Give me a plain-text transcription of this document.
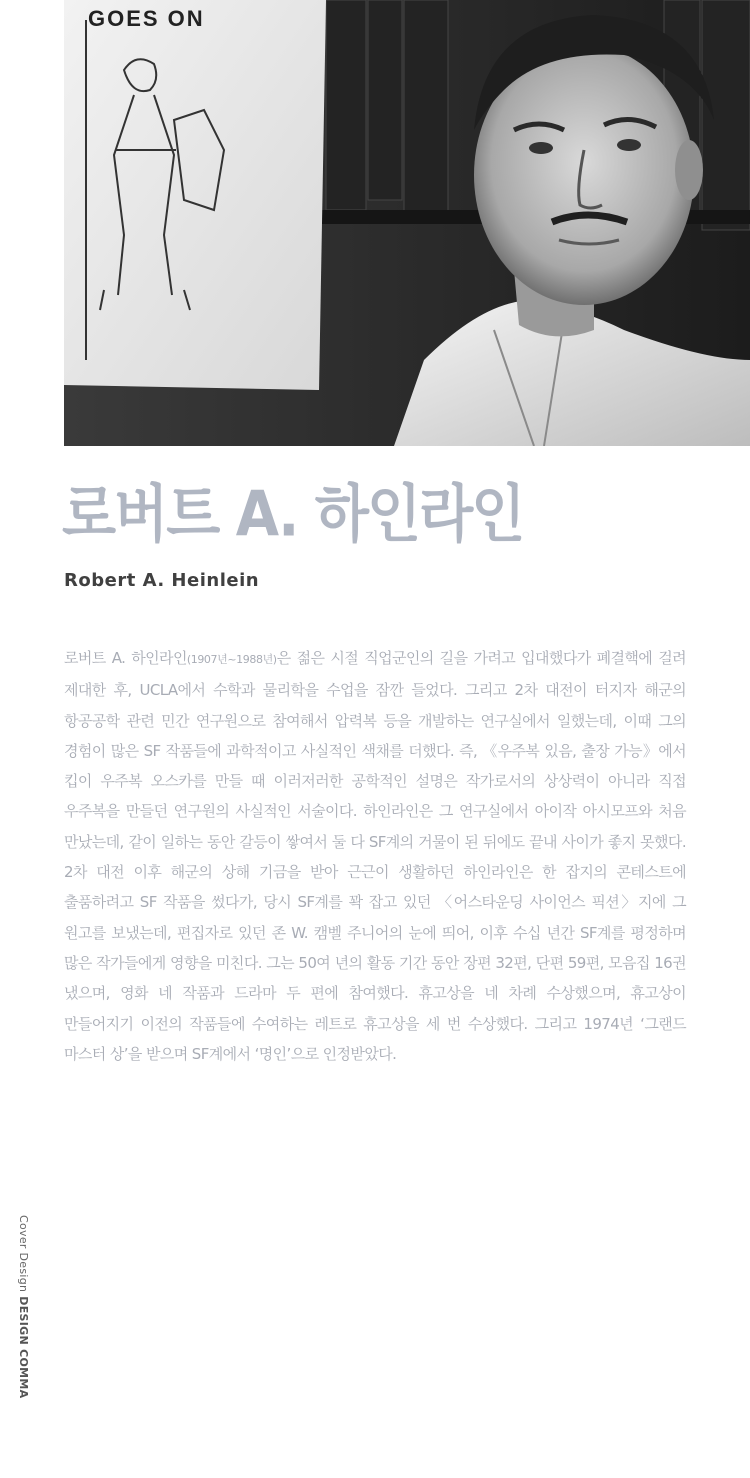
GOES ON
로버트 A. 하인라인
Robert A. Heinlein

로버트 A. 하인라인(1907년~1988년)은 젊은 시절 직업군인의 길을 가려고 입대했다가 폐결핵에 걸려 제대한 후, UCLA에서 수학과 물리학을 수업을 잠깐 들었다. 그리고 2차 대전이 터지자 해군의 항공공학 관련 민간 연구원으로 참여해서 압력복 등을 개발하는 연구실에서 일했는데, 이때 그의 경험이 많은 SF 작품들에 과학적이고 사실적인 색채를 더했다. 즉, 《우주복 있음, 출장 가능》에서 킵이 우주복 오스카를 만들 때 이러저러한 공학적인 설명은 작가로서의 상상력이 아니라 직접 우주복을 만들던 연구원의 사실적인 서술이다. 하인라인은 그 연구실에서 아이작 아시모프와 처음 만났는데, 같이 일하는 동안 갈등이 쌓여서 둘 다 SF계의 거물이 된 뒤에도 끝내 사이가 좋지 못했다. 2차 대전 이후 해군의 상해 기금을 받아 근근이 생활하던 하인라인은 한 잡지의 콘테스트에 출품하려고 SF 작품을 썼다가, 당시 SF계를 꽉 잡고 있던 〈어스타운딩 사이언스 픽션〉지에 그 원고를 보냈는데, 편집자로 있던 존 W. 캠벨 주니어의 눈에 띄어, 이후 수십 년간 SF계를 평정하며 많은 작가들에게 영향을 미친다. 그는 50여 년의 활동 기간 동안 장편 32편, 단편 59편, 모음집 16권 냈으며, 영화 네 작품과 드라마 두 편에 참여했다. 휴고상을 네 차례 수상했으며, 휴고상이 만들어지기 이전의 작품들에 수여하는 레트로 휴고상을 세 번 수상했다. 그리고 1974년 ‘그랜드 마스터 상’을 받으며 SF계에서 ‘명인’으로 인정받았다.

Cover DesignDESIGN COMMA
